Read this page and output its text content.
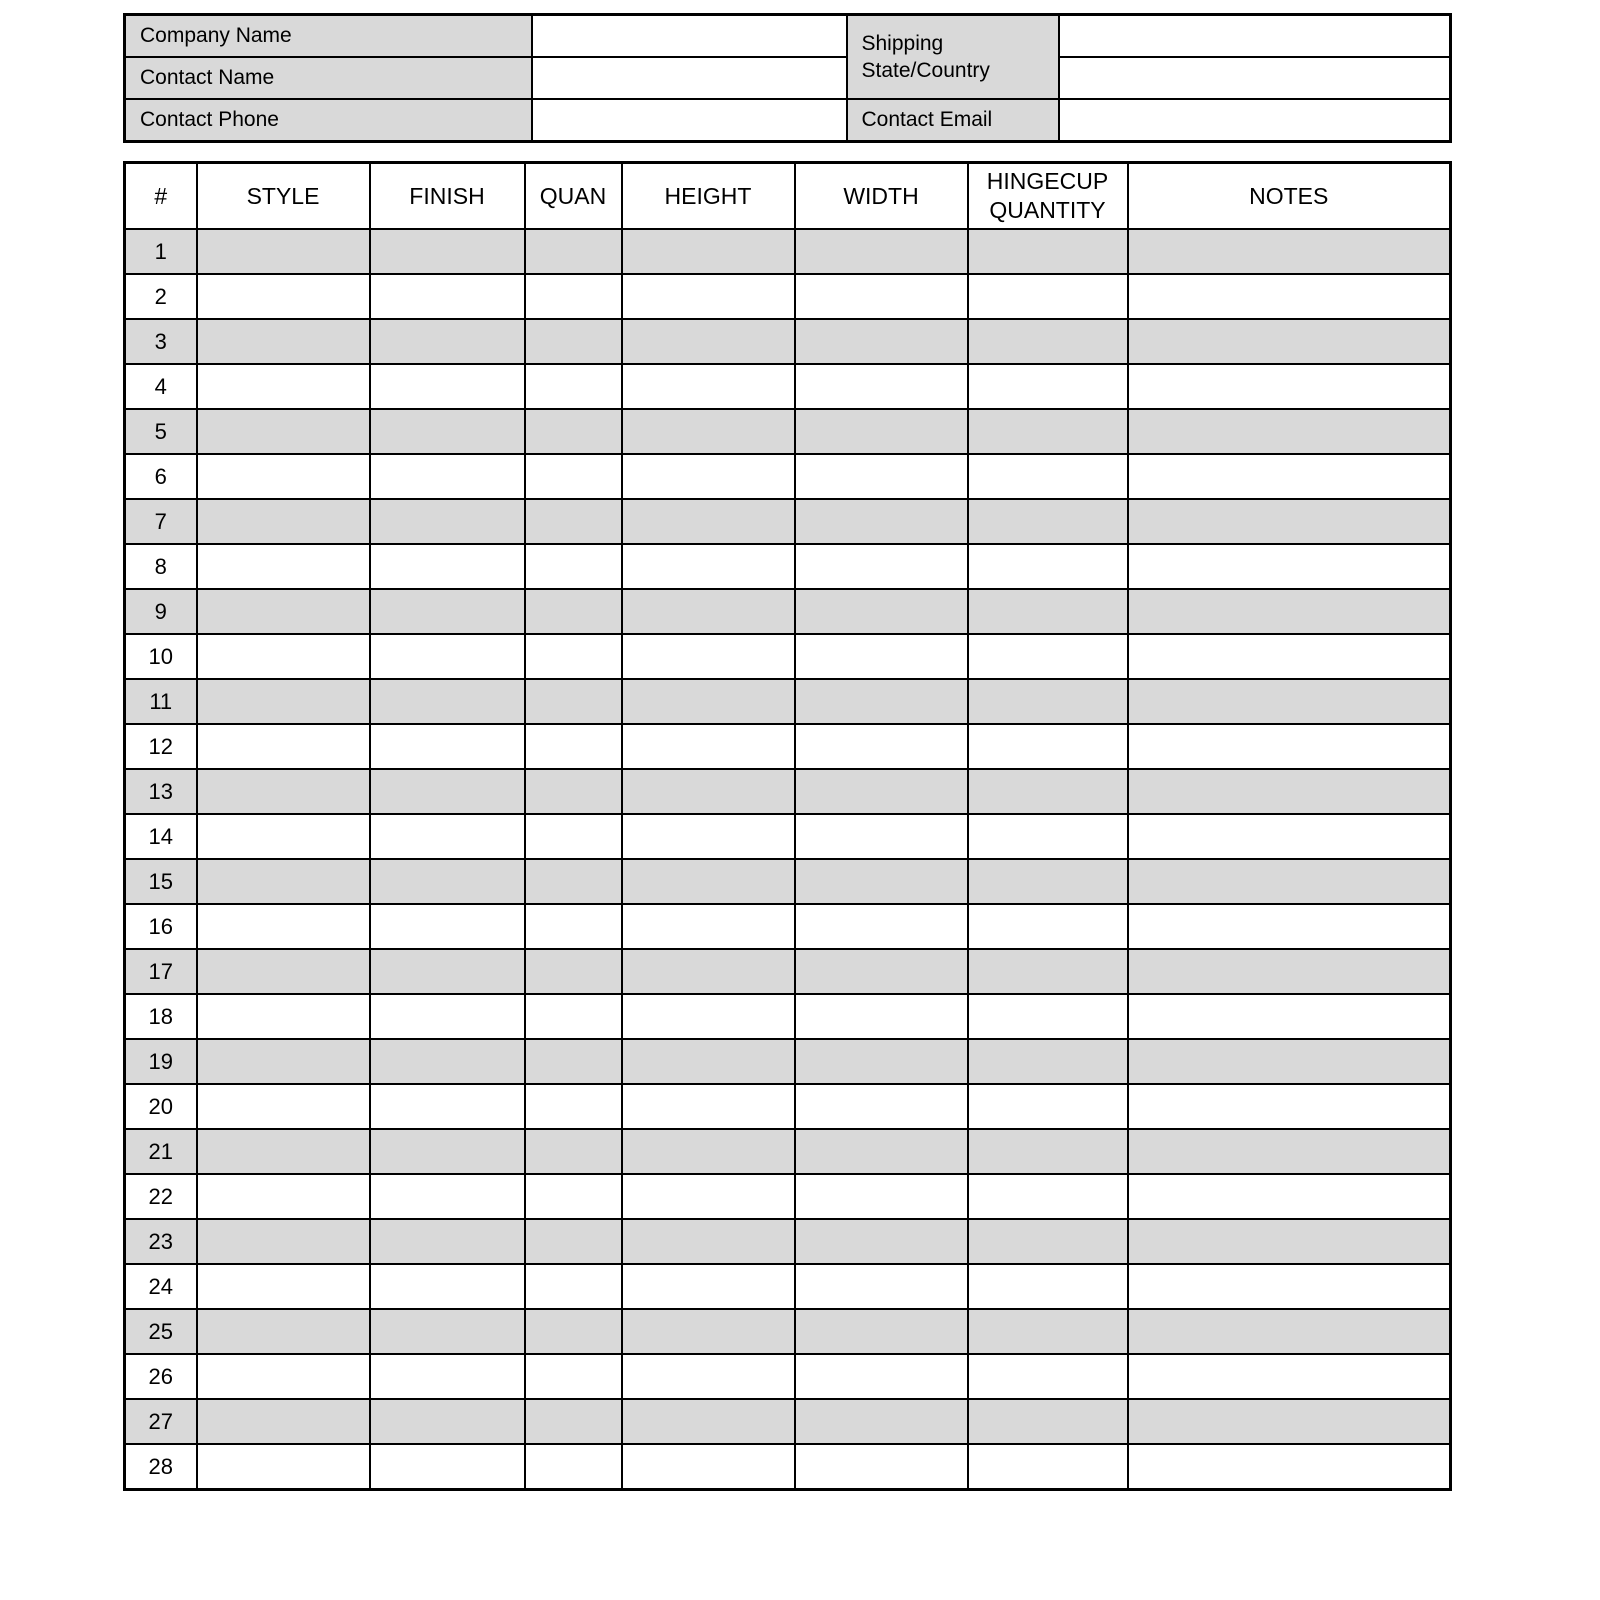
Company Name		Shipping State/Country	
Contact Name			
Contact Phone		Contact Email	
#	STYLE	FINISH	QUAN	HEIGHT	WIDTH	HINGECUP QUANTITY	NOTES
1							
2							
3							
4							
5							
6							
7							
8							
9							
10							
11							
12							
13							
14							
15							
16							
17							
18							
19							
20							
21							
22							
23							
24							
25							
26							
27							
28							
